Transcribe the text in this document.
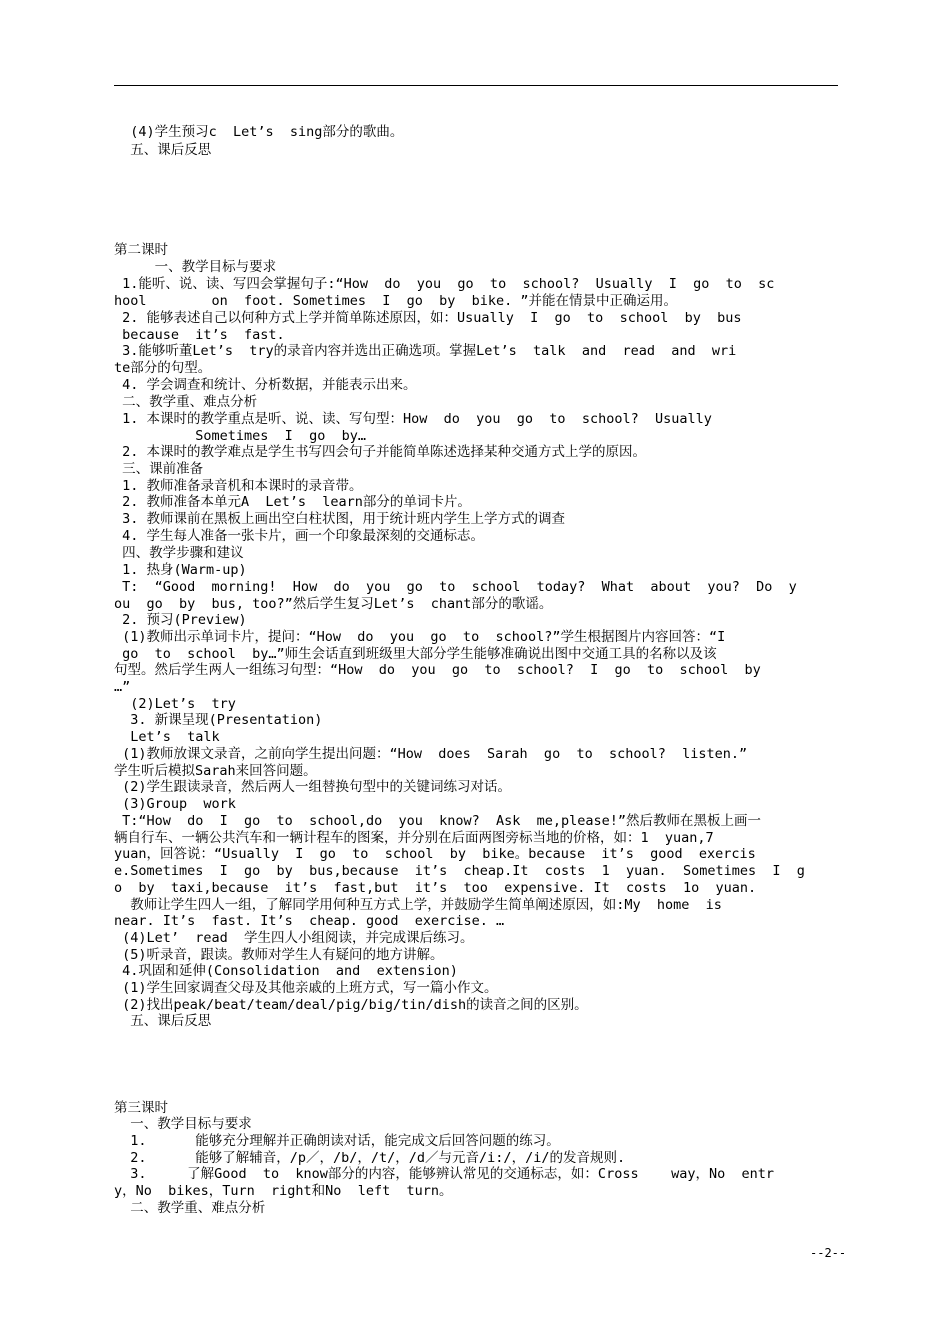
(4)学生预习c  Let’s  sing部分的歌曲。
五、课后反思
第二课时
一、教学目标与要求
1.能听、说、读、写四会掌握句子:“How  do  you  go  to  school?  Usually  I  go  to  sc
hool        on  foot. Sometimes  I  go  by  bike. ”并能在情景中正确运用。
2. 能够表述自己以何种方式上学并简单陈述原因，如：Usually  I  go  to  school  by  bus
because  it’s  fast.
3.能够听董Let’s  try的录音内容并选出正确选项。掌握Let’s  talk  and  read  and  wri
te部分的句型。
4. 学会调查和统计、分析数据，并能表示出来。
二、教学重、难点分析
1. 本课时的教学重点是听、说、读、写句型：How  do  you  go  to  school?  Usually
Sometimes  I  go  by…
2. 本课时的教学难点是学生书写四会句子并能简单陈述选择某种交通方式上学的原因。
三、课前准备
1. 教师准备录音机和本课时的录音带。
2. 教师准备本单元A  Let’s  learn部分的单词卡片。
3. 教师课前在黑板上画出空白柱状图，用于统计班内学生上学方式的调查
4. 学生每人准备一张卡片，画一个印象最深刻的交通标志。
四、教学步骤和建议
1. 热身(Warm-up)
T:  “Good  morning!  How  do  you  go  to  school  today?  What  about  you?  Do  y
ou  go  by  bus, too?”然后学生复习Let’s  chant部分的歌谣。
2. 预习(Preview)
(1)教师出示单词卡片，提问：“How  do  you  go  to  school?”学生根据图片内容回答：“I
go  to  school  by…”师生会话直到班级里大部分学生能够准确说出图中交通工具的名称以及该
句型。然后学生两人一组练习句型：“How  do  you  go  to  school?  I  go  to  school  by
…”
(2)Let’s  try
3. 新课呈现(Presentation)
Let’s  talk
(1)教师放课文录音，之前向学生提出问题：“How  does  Sarah  go  to  school?  listen.”
学生听后模拟Sarah来回答问题。
(2)学生跟读录音，然后两人一组替换句型中的关键词练习对话。
(3)Group  work
T:“How  do  I  go  to  school,do  you  know?  Ask  me,please!”然后教师在黑板上画一
辆自行车、一辆公共汽车和一辆计程车的图案，并分别在后面两图旁标当地的价格，如：1  yuan,7
yuan，回答说：“Usually  I  go  to  school  by  bike。because  it’s  good  exercis
e.Sometimes  I  go  by  bus,because  it’s  cheap.It  costs  1  yuan.  Sometimes  I  g
o  by  taxi,because  it’s  fast,but  it’s  too  expensive. It  costs  1o  yuan.
教师让学生四人一组，了解同学用何种互方式上学，并鼓励学生简单阐述原因，如:My  home  is
near. It’s  fast. It’s  cheap. good  exercise. …
(4)Let’  read  学生四人小组阅读，并完成课后练习。
(5)听录音，跟读。教师对学生人有疑问的地方讲解。
4.巩固和延伸(Consolidation  and  extension)
(1)学生回家调查父母及其他亲戚的上班方式，写一篇小作文。
(2)找出peak/beat/team/deal/pig/big/tin/dish的读音之间的区别。
五、课后反思
第三课时
一、教学目标与要求
1.      能够充分理解并正确朗读对话，能完成文后回答问题的练习。
2.      能够了解辅音，/p／，/b/，/t/，/d／与元音/i:/，/i/的发音规则.
3.     了解Good  to  know部分的内容，能够辨认常见的交通标志，如：Cross    way，No  entr
y，No  bikes，Turn  right和No  left  turn。
二、教学重、难点分析
--2--
